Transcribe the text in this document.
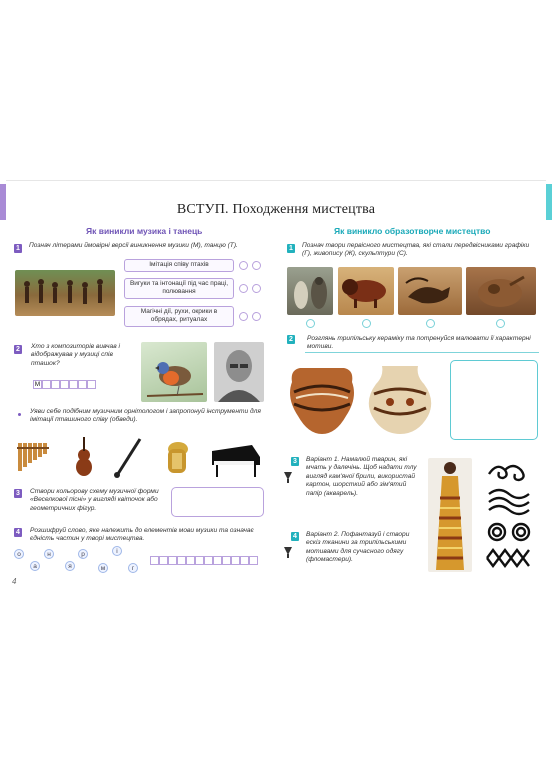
ВСТУП. Походження мистецтва
Як виникли музика і танець
1	Познач літерами ймовірні версії виникнення музики (М), танцю (Т).
Імітація співу птахів
Вигуки та інтонації під час праці, полювання
Магічні дії, рухи, окрики в обрядах, ритуалах
2	Хто з композиторів вивчав і відображував у музиці спів пташок?
М
Уяви себе подібним музичним орнітологом і запропонуй інструменти для імітації пташиного співу (обведи).
3	Створи кольорову схему музичної форми «Веселкової пісні» у вигляді квіточок або геометричних фігур.
4	Розшифруй слово, яке належить до елементів мови музики та означає єдність частин у творі мистецтва.
о	н	р	і
а	я	м	г
4
Як виникло образотворче мистецтво
1	Познач твори первісного мистецтва, які стали передвісниками графіки (Г), живопису (Ж), скульптури (С).
2	Розглянь трипільську кераміку та потренуйся малювати її характерні мотиви.
3	Варіант 1. Намалюй тварин, які мчать у далечінь. Щоб надати тлу вигляд кам'яної брили, використай картон, шорсткий або зім'ятий папір (акварель).
4	Варіант 2. Пофантазуй і створи ескіз тканини за трипільськими мотивами для сучасного одягу (фломастери).
